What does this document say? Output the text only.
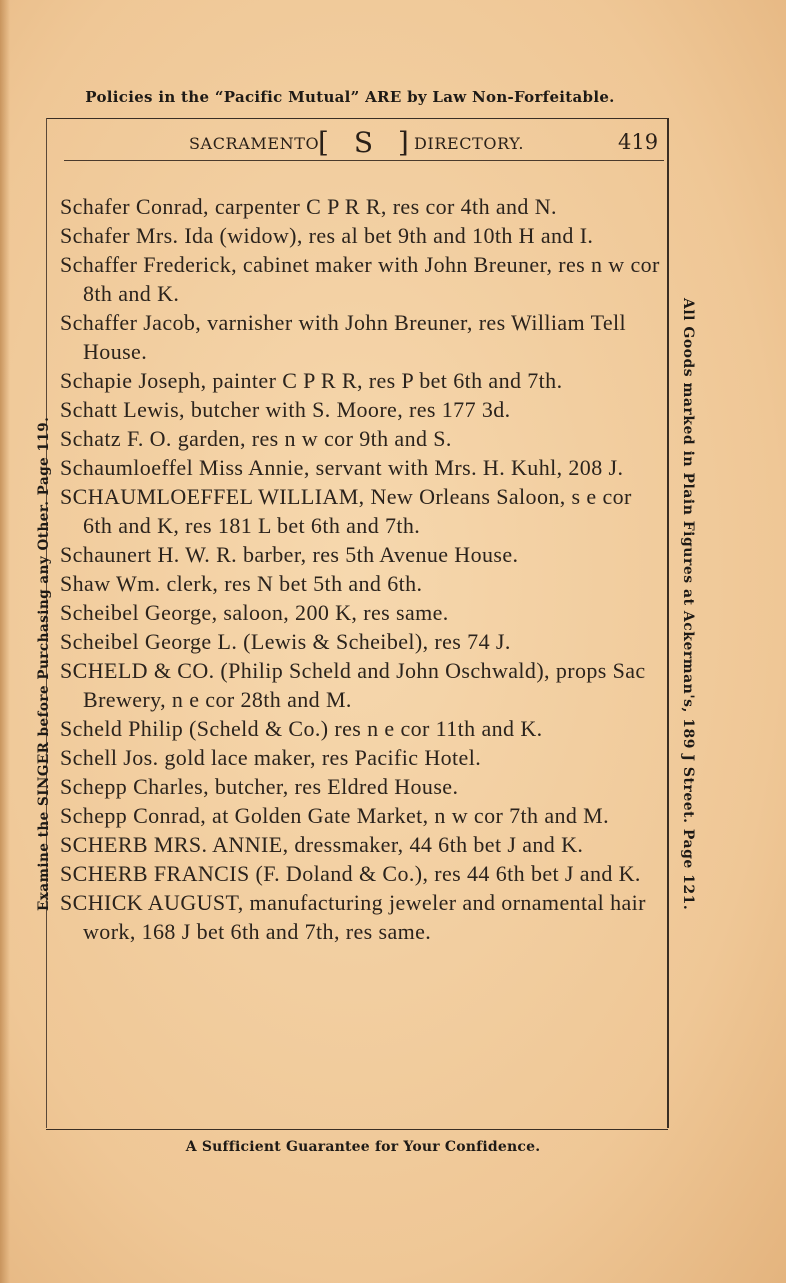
Policies in the “Pacific Mutual” ARE by Law Non-Forfeitable.
SACRAMENTO
[ S ]
DIRECTORY.	419

Schafer Conrad, carpenter C P R R, res cor 4th and N.

Schafer Mrs. Ida (widow), res al bet 9th and 10th H and I.

Schaffer Frederick, cabinet maker with John Breuner, res n w cor 8th and K.

Schaffer Jacob, varnisher with John Breuner, res William Tell House.

Schapie Joseph, painter C P R R, res P bet 6th and 7th.

Schatt Lewis, butcher with S. Moore, res 177 3d.

Schatz F. O. garden, res n w cor 9th and S.

Schaumloeffel Miss Annie, servant with Mrs. H. Kuhl, 208 J.

SCHAUMLOEFFEL WILLIAM, New Orleans Saloon, s e cor 6th and K, res 181 L bet 6th and 7th.

Schaunert H. W. R. barber, res 5th Avenue House.

Shaw Wm. clerk, res N bet 5th and 6th.

Scheibel George, saloon, 200 K, res same.

Scheibel George L. (Lewis & Scheibel), res 74 J.

SCHELD & CO. (Philip Scheld and John Oschwald), props Sac Brewery, n e cor 28th and M.

Scheld Philip (Scheld & Co.) res n e cor 11th and K.

Schell Jos. gold lace maker, res Pacific Hotel.

Schepp Charles, butcher, res Eldred House.

Schepp Conrad, at Golden Gate Market, n w cor 7th and M.

SCHERB MRS. ANNIE, dressmaker, 44 6th bet J and K.

SCHERB FRANCIS (F. Doland & Co.), res 44 6th bet J and K.

SCHICK AUGUST, manufacturing jeweler and ornamental hair work, 168 J bet 6th and 7th, res same.

A Sufficient Guarantee for Your Confidence.
Examine the SINGER before Purchasing any Other. Page 119.	All Goods marked in Plain Figures at Ackerman's, 189 J Street. Page 121.
